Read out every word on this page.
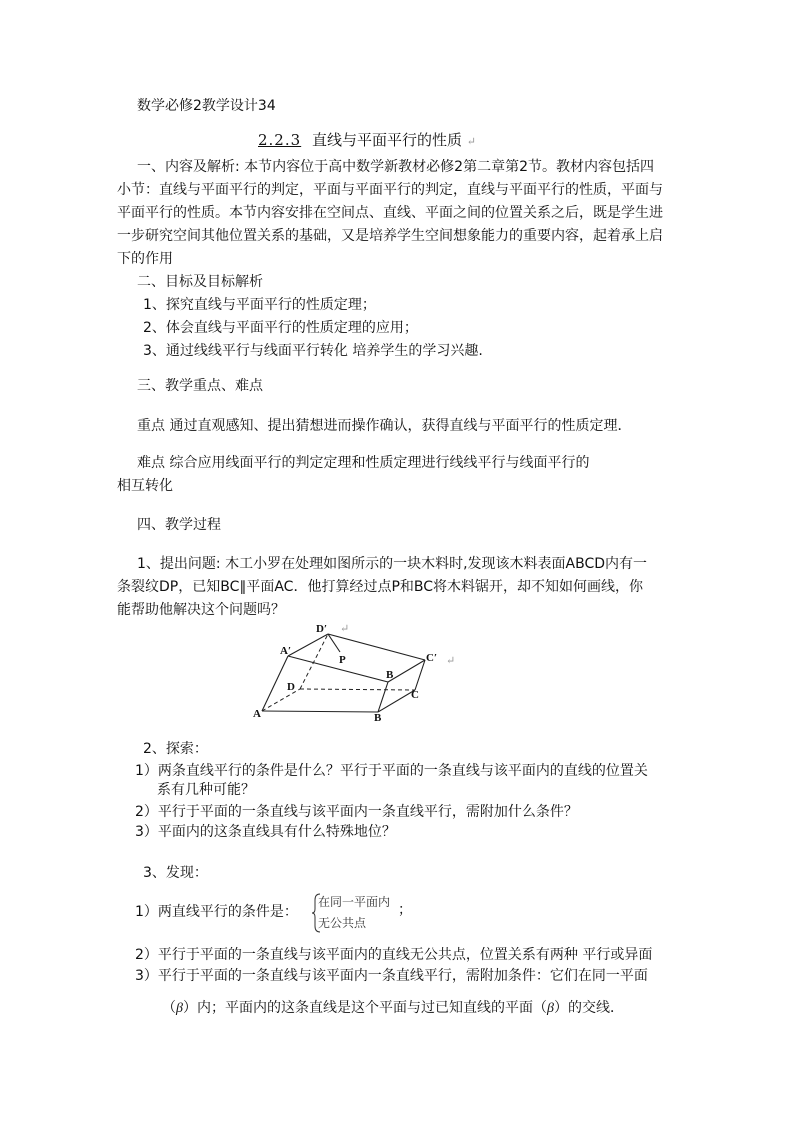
数学必修2教学设计34
2.2.3 直线与平面平行的性质 ↵
一、内容及解析: 本节内容位于高中数学新教材必修2第二章第2节。教材内容包括四
小节：直线与平面平行的判定，平面与平面平行的判定，直线与平面平行的性质，平面与
平面平行的性质。本节内容安排在空间点、直线、平面之间的位置关系之后，既是学生进
一步研究空间其他位置关系的基础，又是培养学生空间想象能力的重要内容，起着承上启
下的作用
二、目标及目标解析
1、探究直线与平面平行的性质定理；
2、体会直线与平面平行的性质定理的应用；
3、通过线线平行与线面平行转化 培养学生的学习兴趣.
三、教学重点、难点
重点 通过直观感知、提出猜想进而操作确认，获得直线与平面平行的性质定理．
难点 综合应用线面平行的判定定理和性质定理进行线线平行与线面平行的
相互转化
四、教学过程
1、提出问题: 木工小罗在处理如图所示的一块木料时,发现该木料表面ABCD内有一
条裂纹DP，已知BC∥平面AC．他打算经过点P和BC将木料锯开，却不知如何画线，你
能帮助他解决这个问题吗？
D′
A′
P	C′
B
D
C
A	B
↵
↵
2、探索：
1）两条直线平行的条件是什么？平行于平面的一条直线与该平面内的直线的位置关
系有几种可能？
2）平行于平面的一条直线与该平面内一条直线平行，需附加什么条件？
3）平面内的这条直线具有什么特殊地位？
3、发现：
1）两直线平行的条件是：
在同一平面内
无公共点
；
2）平行于平面的一条直线与该平面内的直线无公共点，位置关系有两种 平行或异面
3）平行于平面的一条直线与该平面内一条直线平行，需附加条件：它们在同一平面
（β）内；平面内的这条直线是这个平面与过已知直线的平面（β）的交线．
